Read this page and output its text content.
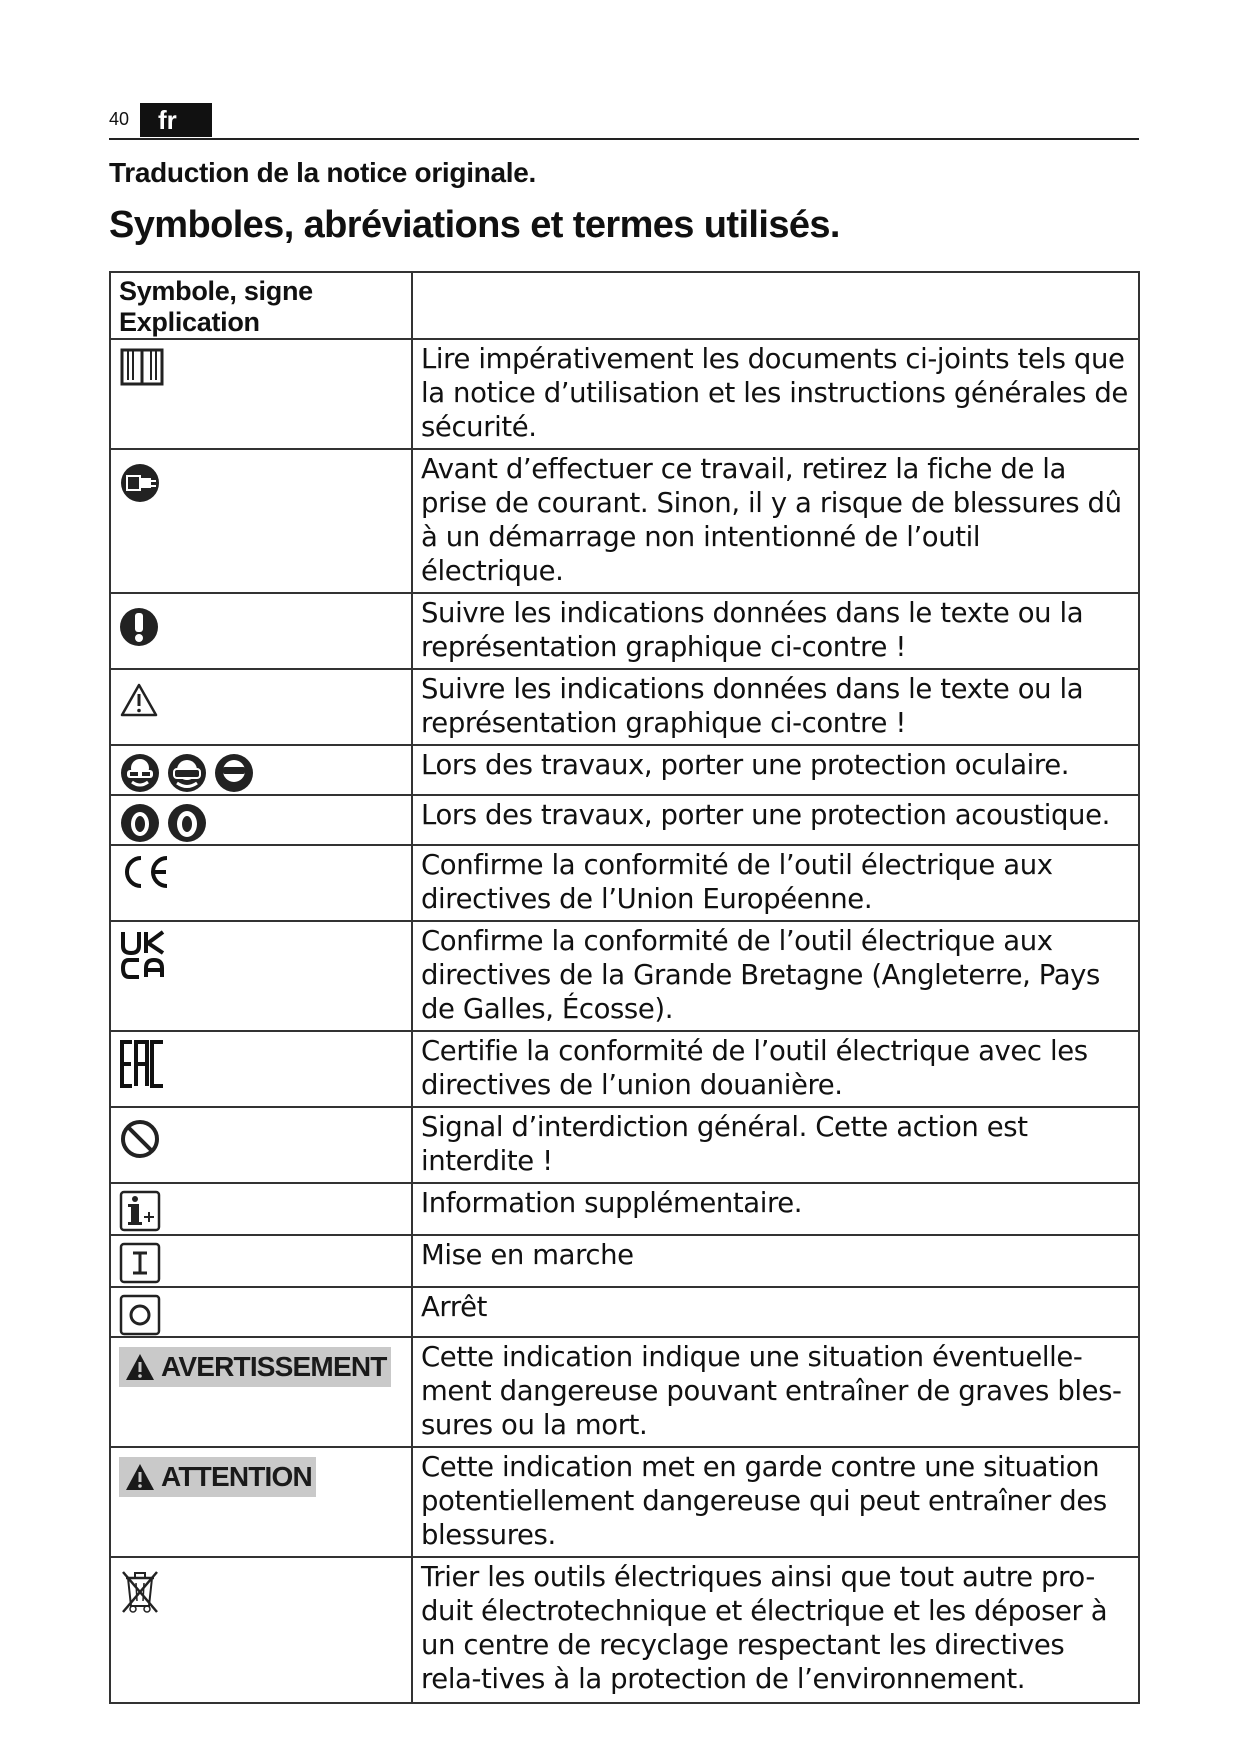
40	fr
Traduction de la notice originale.
Symboles, abréviations et termes utilisés.
Symbole, signe Explication	
	Lire impérativement les documents ci-joints tels que la notice d’utilisation et les instructions générales de sécurité.
	Avant d’effectuer ce travail, retirez la fiche de la prise de courant. Sinon, il y a risque de blessures dû à un démarrage non intentionné de l’outil électrique.
	Suivre les indications données dans le texte ou la représentation graphique ci-contre !
	Suivre les indications données dans le texte ou la représentation graphique ci-contre !
	Lors des travaux, porter une protection oculaire.
	Lors des travaux, porter une protection acoustique.
	Confirme la conformité de l’outil électrique aux directives de l’Union Européenne.
	Confirme la conformité de l’outil électrique aux directives de la Grande Bretagne (Angleterre, Pays de Galles, Écosse).
	Certifie la conformité de l’outil électrique avec les directives de l’union douanière.
	Signal d’interdiction général. Cette action est interdite !
	Information supplémentaire.
	Mise en marche
	Arrêt
AVERTISSEMENT	Cette indication indique une situation éventuelle-ment dangereuse pouvant entraîner de graves bles-sures ou la mort.
ATTENTION	Cette indication met en garde contre une situation potentiellement dangereuse qui peut entraîner des blessures.
	Trier les outils électriques ainsi que tout autre pro-duit électrotechnique et électrique et les déposer à un centre de recyclage respectant les directives rela-tives à la protection de l’environnement.
